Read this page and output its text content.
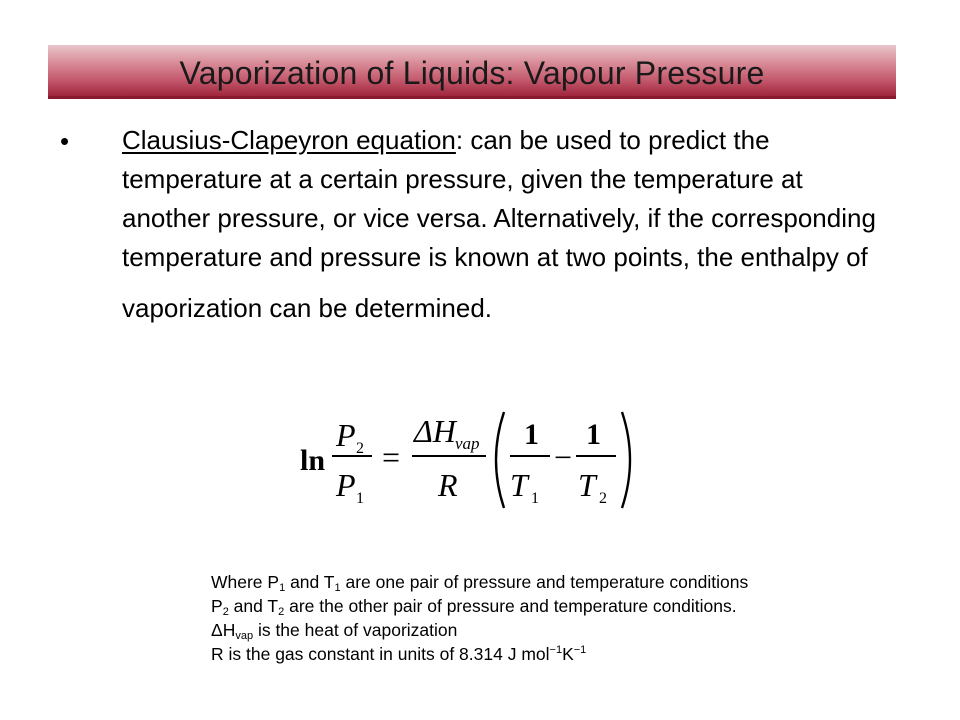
Vaporization of Liquids: Vapour Pressure
• Clausius-Clapeyron equation: can be used to predict the temperature at a certain pressure, given the temperature at another pressure, or vice versa. Alternatively, if the corresponding temperature and pressure is known at two points, the enthalpy of
vaporization can be determined.
ln
P 2
P 1
=
ΔH vap
R
1
T 1
−
1
T 2
Where $P_1$ and $T_1$ are one pair of pressure and temperature conditions
$P_2$ and $T_2$ are the other pair of pressure and temperature conditions.
$\Delta H_{vap}$ is the heat of vaporization
R is the gas constant in units of 8.314 J $mol^{-1}K^{-1}$
